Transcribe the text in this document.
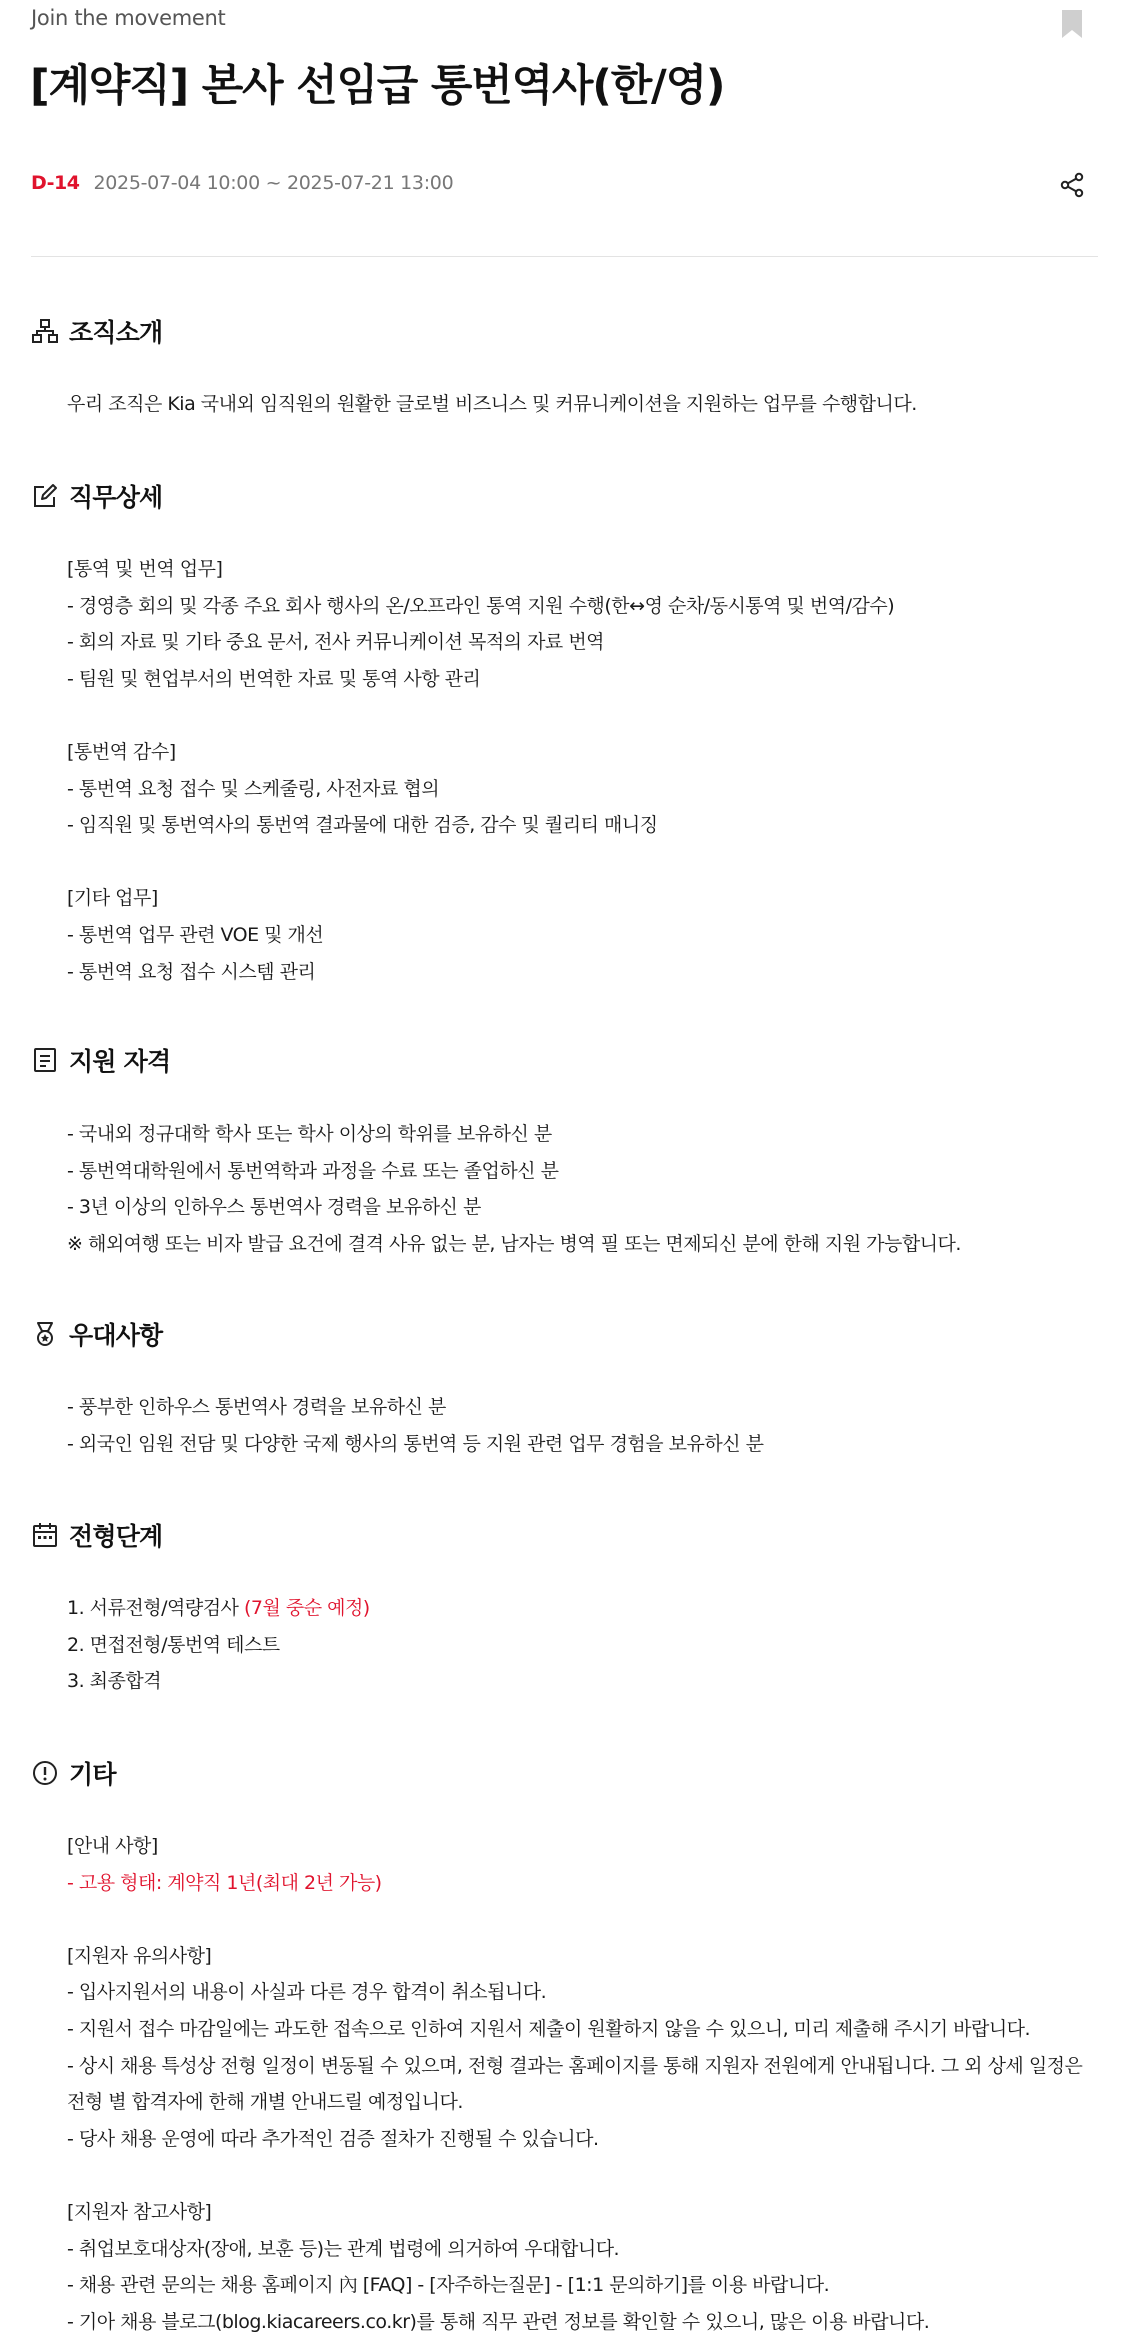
Join the movement
[계약직] 본사 선임급 통번역사(한/영)
D-14 2025-07-04 10:00 ~ 2025-07-21 13:00
조직소개
우리 조직은 Kia 국내외 임직원의 원활한 글로벌 비즈니스 및 커뮤니케이션을 지원하는 업무를 수행합니다.
직무상세
[통역 및 번역 업무]
- 경영층 회의 및 각종 주요 회사 행사의 온/오프라인 통역 지원 수행(한↔영 순차/동시통역 및 번역/감수)
- 회의 자료 및 기타 중요 문서, 전사 커뮤니케이션 목적의 자료 번역
- 팀원 및 현업부서의 번역한 자료 및 통역 사항 관리
[통번역 감수]
- 통번역 요청 접수 및 스케줄링, 사전자료 협의
- 임직원 및 통번역사의 통번역 결과물에 대한 검증, 감수 및 퀄리티 매니징
[기타 업무]
- 통번역 업무 관련 VOE 및 개선
- 통번역 요청 접수 시스템 관리
지원 자격
- 국내외 정규대학 학사 또는 학사 이상의 학위를 보유하신 분
- 통번역대학원에서 통번역학과 과정을 수료 또는 졸업하신 분
- 3년 이상의 인하우스 통번역사 경력을 보유하신 분
※ 해외여행 또는 비자 발급 요건에 결격 사유 없는 분, 남자는 병역 필 또는 면제되신 분에 한해 지원 가능합니다.
우대사항
- 풍부한 인하우스 통번역사 경력을 보유하신 분
- 외국인 임원 전담 및 다양한 국제 행사의 통번역 등 지원 관련 업무 경험을 보유하신 분
전형단계
1. 서류전형/역량검사 (7월 중순 예정)
2. 면접전형/통번역 테스트
3. 최종합격
기타
[안내 사항]
- 고용 형태: 계약직 1년(최대 2년 가능)
[지원자 유의사항]
- 입사지원서의 내용이 사실과 다른 경우 합격이 취소됩니다.
- 지원서 접수 마감일에는 과도한 접속으로 인하여 지원서 제출이 원활하지 않을 수 있으니, 미리 제출해 주시기 바랍니다.
- 상시 채용 특성상 전형 일정이 변동될 수 있으며, 전형 결과는 홈페이지를 통해 지원자 전원에게 안내됩니다. 그 외 상세 일정은
전형 별 합격자에 한해 개별 안내드릴 예정입니다.
- 당사 채용 운영에 따라 추가적인 검증 절차가 진행될 수 있습니다.
[지원자 참고사항]
- 취업보호대상자(장애, 보훈 등)는 관계 법령에 의거하여 우대합니다.
- 채용 관련 문의는 채용 홈페이지 內 [FAQ] - [자주하는질문] - [1:1 문의하기]를 이용 바랍니다.
- 기아 채용 블로그(blog.kiacareers.co.kr)를 통해 직무 관련 정보를 확인할 수 있으니, 많은 이용 바랍니다.
